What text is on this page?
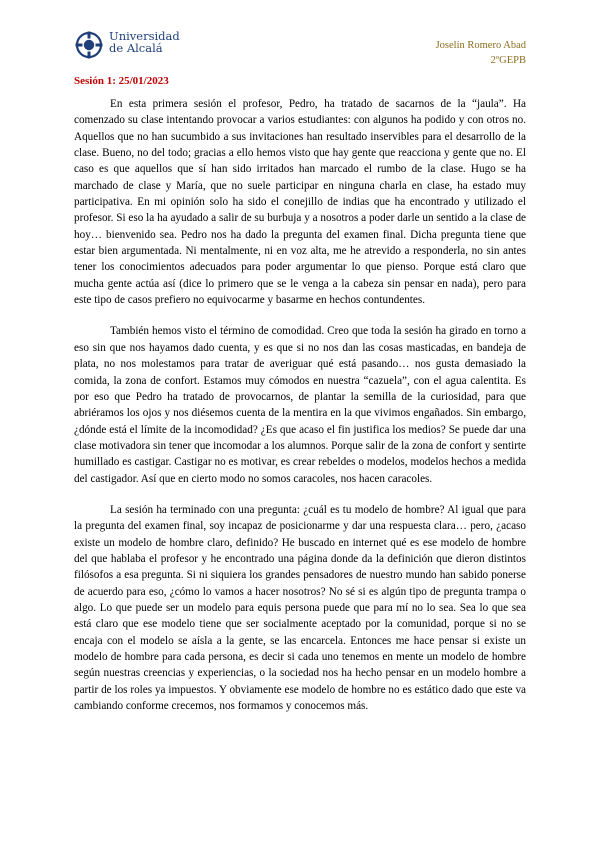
Universidad
de Alcalá	Joselín Romero Abad
2ºGEPB
Sesión 1: 25/01/2023

En esta primera sesión el profesor, Pedro, ha tratado de sacarnos de la “jaula”. Ha comenzado su clase intentando provocar a varios estudiantes: con algunos ha podido y con otros no. Aquellos que no han sucumbido a sus invitaciones han resultado inservibles para el desarrollo de la clase. Bueno, no del todo; gracias a ello hemos visto que hay gente que reacciona y gente que no. El caso es que aquellos que sí han sido irritados han marcado el rumbo de la clase. Hugo se ha marchado de clase y María, que no suele participar en ninguna charla en clase, ha estado muy participativa. En mi opinión solo ha sido el conejillo de indias que ha encontrado y utilizado el profesor. Si eso la ha ayudado a salir de su burbuja y a nosotros a poder darle un sentido a la clase de hoy… bienvenido sea. Pedro nos ha dado la pregunta del examen final. Dicha pregunta tiene que estar bien argumentada. Ni mentalmente, ni en voz alta, me he atrevido a responderla, no sin antes tener los conocimientos adecuados para poder argumentar lo que pienso. Porque está claro que mucha gente actúa así (dice lo primero que se le venga a la cabeza sin pensar en nada), pero para este tipo de casos prefiero no equivocarme y basarme en hechos contundentes.

También hemos visto el término de comodidad. Creo que toda la sesión ha girado en torno a eso sin que nos hayamos dado cuenta, y es que si no nos dan las cosas masticadas, en bandeja de plata, no nos molestamos para tratar de averiguar qué está pasando… nos gusta demasiado la comida, la zona de confort. Estamos muy cómodos en nuestra “cazuela”, con el agua calentita. Es por eso que Pedro ha tratado de provocarnos, de plantar la semilla de la curiosidad, para que abriéramos los ojos y nos diésemos cuenta de la mentira en la que vivimos engañados. Sin embargo, ¿dónde está el límite de la incomodidad? ¿Es que acaso el fin justifica los medios? Se puede dar una clase motivadora sin tener que incomodar a los alumnos. Porque salir de la zona de confort y sentirte humillado es castigar. Castigar no es motivar, es crear rebeldes o modelos, modelos hechos a medida del castigador. Así que en cierto modo no somos caracoles, nos hacen caracoles.

La sesión ha terminado con una pregunta: ¿cuál es tu modelo de hombre? Al igual que para la pregunta del examen final, soy incapaz de posicionarme y dar una respuesta clara… pero, ¿acaso existe un modelo de hombre claro, definido? He buscado en internet qué es ese modelo de hombre del que hablaba el profesor y he encontrado una página donde da la definición que dieron distintos filósofos a esa pregunta. Si ni siquiera los grandes pensadores de nuestro mundo han sabido ponerse de acuerdo para eso, ¿cómo lo vamos a hacer nosotros? No sé si es algún tipo de pregunta trampa o algo. Lo que puede ser un modelo para equis persona puede que para mí no lo sea. Sea lo que sea está claro que ese modelo tiene que ser socialmente aceptado por la comunidad, porque si no se encaja con el modelo se aísla a la gente, se las encarcela. Entonces me hace pensar si existe un modelo de hombre para cada persona, es decir si cada uno tenemos en mente un modelo de hombre según nuestras creencias y experiencias, o la sociedad nos ha hecho pensar en un modelo hombre a partir de los roles ya impuestos. Y obviamente ese modelo de hombre no es estático dado que este va cambiando conforme crecemos, nos formamos y conocemos más.
